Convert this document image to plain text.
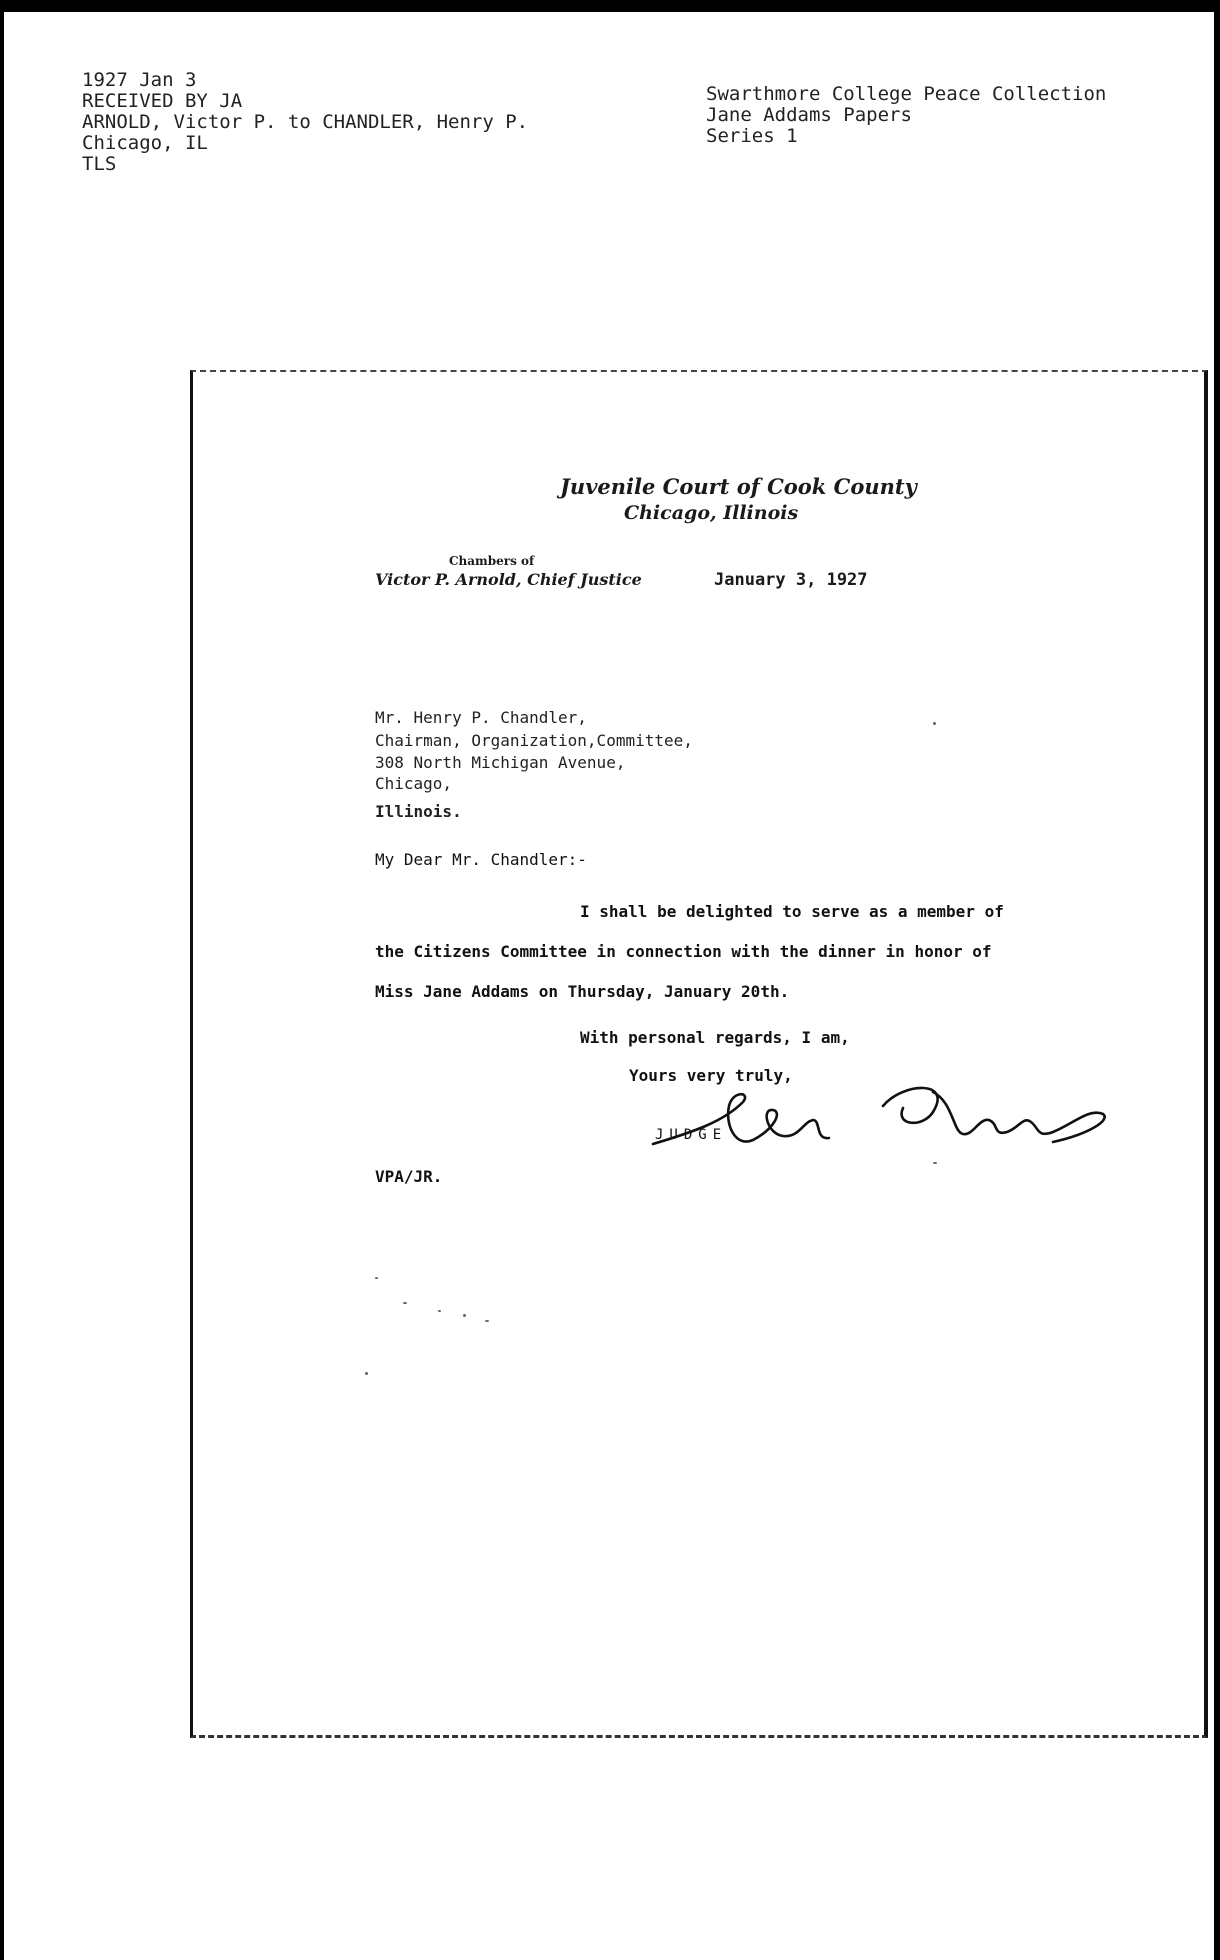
1927 Jan 3
RECEIVED BY JA
ARNOLD, Victor P. to CHANDLER, Henry P.
Chicago, IL
TLS
Swarthmore College Peace Collection
Jane Addams Papers
Series 1
Juvenile Court of Cook County
Chicago, Illinois
Chambers of
Victor P. Arnold, Chief Justice	January 3, 1927
Mr. Henry P. Chandler,
Chairman, Organization,Committee,
308 North Michigan Avenue,
Chicago,
Illinois.
My Dear Mr. Chandler:-
I shall be delighted to serve as a member of
the Citizens Committee in connection with the dinner in honor of
Miss Jane Addams on Thursday, January 20th.
With personal regards, I am,
Yours very truly,
JUDGE
VPA/JR.
